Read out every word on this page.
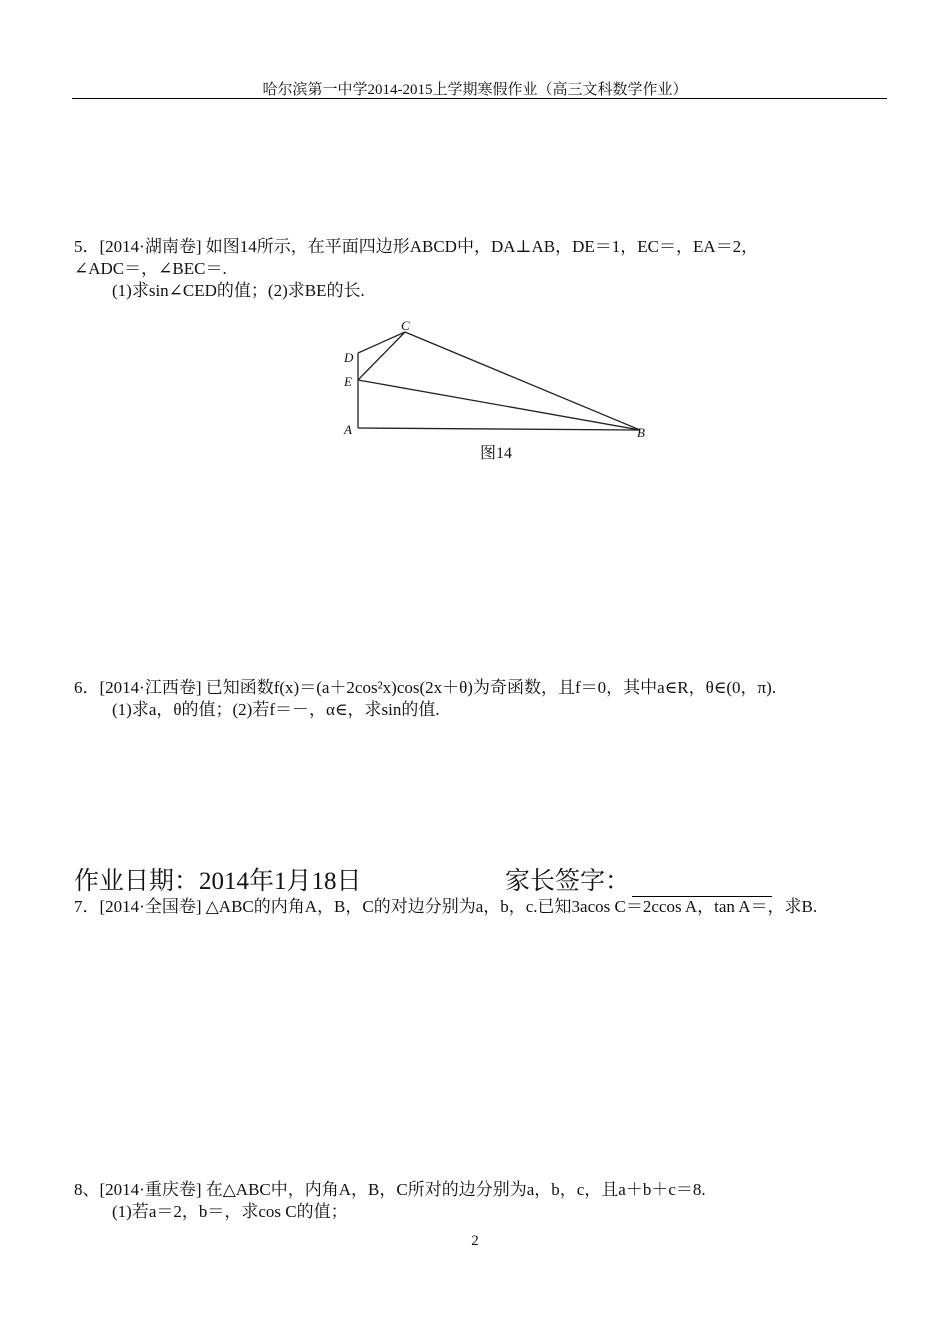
哈尔滨第一中学2014-2015上学期寒假作业（高三文科数学作业）
5．[2014·湖南卷] 如图14所示，在平面四边形ABCD中，DA⊥AB，DE＝1，EC＝，EA＝2，
∠ADC＝，∠BEC＝.
(1)求sin∠CED的值；(2)求BE的长.
C
D
E
A	B
图14
6．[2014·江西卷] 已知函数f(x)＝(a＋2cos²x)cos(2x＋θ)为奇函数，且f＝0，其中a∈R，θ∈(0，π).
(1)求a，θ的值；(2)若f＝－，α∈，求sin的值.
作业日期：2014年1月18日	家长签字：
7．[2014·全国卷] △ABC的内角A，B，C的对边分别为a，b，c.已知3acos C＝2ccos A，tan A＝，求B.
8、[2014·重庆卷] 在△ABC中，内角A，B，C所对的边分别为a，b，c，且a＋b＋c＝8.
(1)若a＝2，b＝，求cos C的值；
2
